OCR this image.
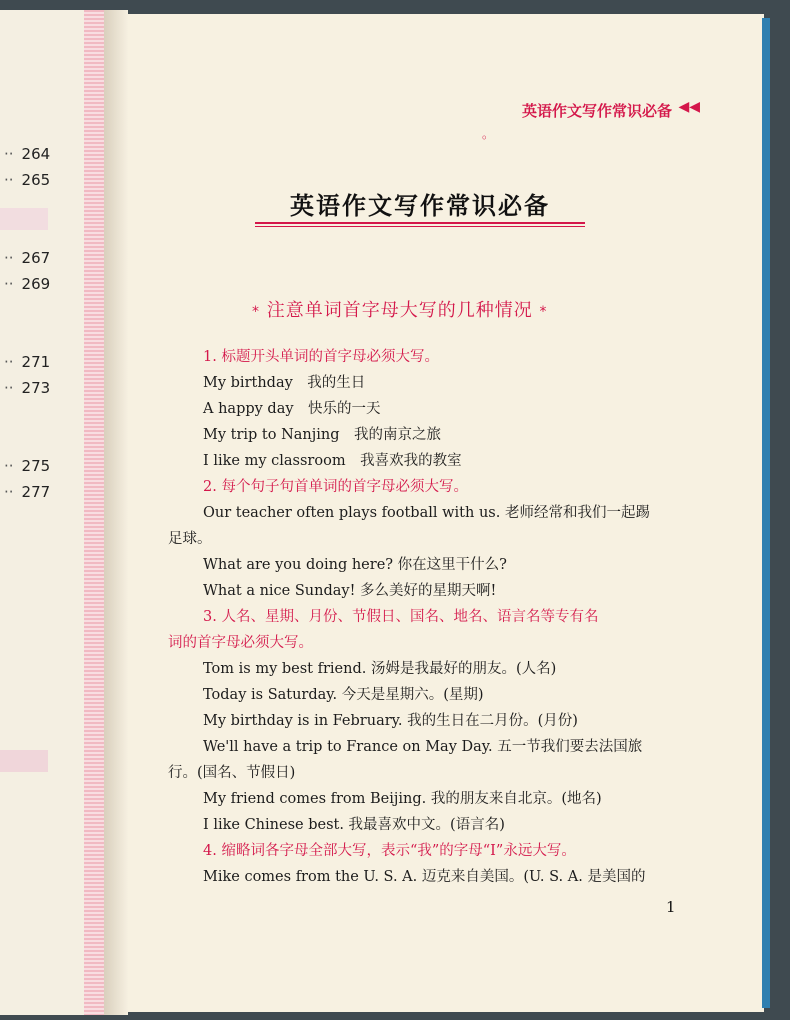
·· 264
·· 265
·· 267
·· 269
·· 271
·· 273
·· 275
·· 277
英语作文写作常识必备 ◀◀
。
英语作文写作常识必备
* 注意单词首字母大写的几种情况 *
1. 标题开头单词的首字母必须大写。
My birthday　我的生日
A happy day　快乐的一天
My trip to Nanjing　我的南京之旅
I like my classroom　我喜欢我的教室
2. 每个句子句首单词的首字母必须大写。
Our teacher often plays football with us. 老师经常和我们一起踢
足球。
What are you doing here? 你在这里干什么?
What a nice Sunday! 多么美好的星期天啊!
3. 人名、星期、月份、节假日、国名、地名、语言名等专有名
词的首字母必须大写。
Tom is my best friend. 汤姆是我最好的朋友。(人名)
Today is Saturday. 今天是星期六。(星期)
My birthday is in February. 我的生日在二月份。(月份)
We'll have a trip to France on May Day. 五一节我们要去法国旅
行。(国名、节假日)
My friend comes from Beijing. 我的朋友来自北京。(地名)
I like Chinese best. 我最喜欢中文。(语言名)
4. 缩略词各字母全部大写，表示“我”的字母“I”永远大写。
Mike comes from the U. S. A. 迈克来自美国。(U. S. A. 是美国的
1
